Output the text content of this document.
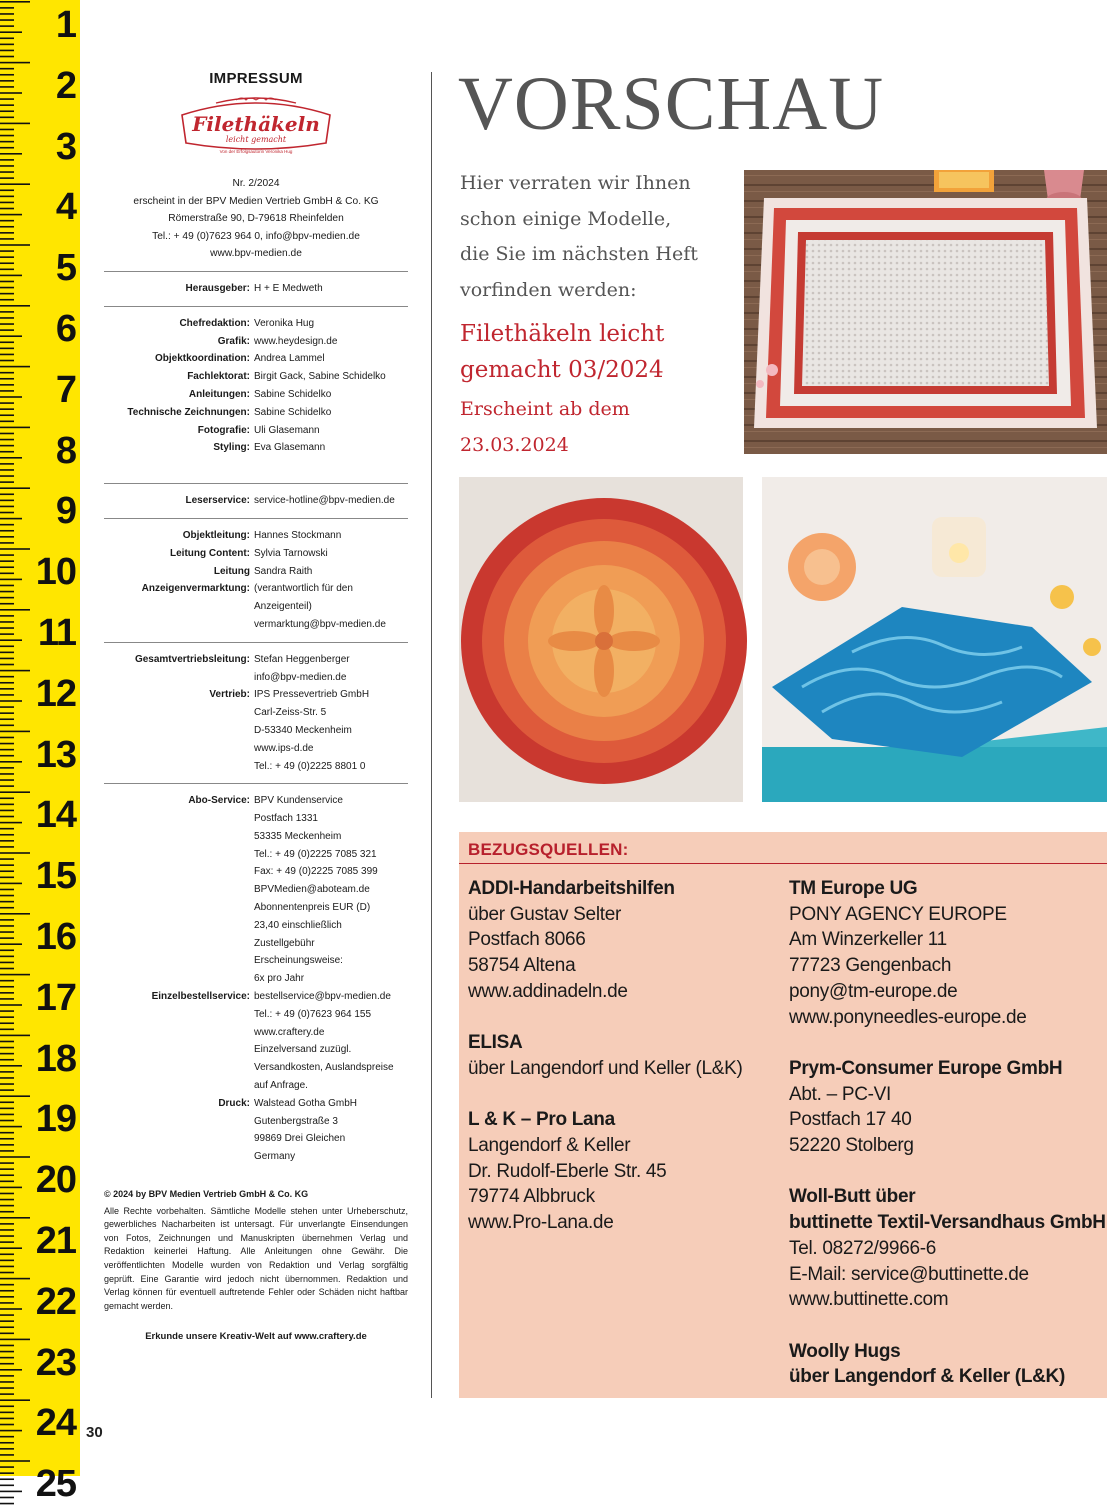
1
2
3
4
5
6
7
8
9
10
11
12
13
14
15
16
17
18
19
20
21
22
23
24
25
30
IMPRESSUM
Filethäkeln
leicht gemacht
Von der Erfolgsautorin Veronika Hug
Nr. 2/2024
erscheint in der BPV Medien Vertrieb GmbH & Co. KG
Römerstraße 90, D-79618 Rheinfelden
Tel.: + 49 (0)7623 964 0, info@bpv-medien.de
www.bpv-medien.de
Herausgeber: H + E Medweth
Chefredaktion: Veronika Hug
Grafik: www.heydesign.de
Objektkoordination: Andrea Lammel
Fachlektorat: Birgit Gack, Sabine Schidelko
Anleitungen: Sabine Schidelko
Technische Zeichnungen: Sabine Schidelko
Fotografie: Uli Glasemann
Styling: Eva Glasemann
Leserservice: service-hotline@bpv-medien.de
Objektleitung: Hannes Stockmann
Leitung Content: Sylvia Tarnowski
Leitung Anzeigenvermarktung:
Sandra Raith
(verantwortlich für den
Anzeigenteil)
vermarktung@bpv-medien.de
Gesamtvertriebsleitung: Stefan Heggenberger
info@bpv-medien.de
Vertrieb: IPS Pressevertrieb GmbH
Carl-Zeiss-Str. 5
D-53340 Meckenheim
www.ips-d.de
Tel.: + 49 (0)2225 8801 0
Abo-Service: BPV Kundenservice
Postfach 1331
53335 Meckenheim
Tel.: + 49 (0)2225 7085 321
Fax: + 49 (0)2225 7085 399
BPVMedien@aboteam.de
Abonnentenpreis EUR (D)
23,40 einschließlich
Zustellgebühr
Erscheinungsweise:
6x pro Jahr
Einzelbestellservice: bestellservice@bpv-medien.de
Tel.: + 49 (0)7623 964 155
www.craftery.de
Einzelversand zuzügl.
Versandkosten, Auslandspreise
auf Anfrage.
Druck: Walstead Gotha GmbH
Gutenbergstraße 3
99869 Drei Gleichen
Germany
© 2024 by BPV Medien Vertrieb GmbH & Co. KG

Alle Rechte vorbehalten. Sämtliche Modelle stehen unter Urheberschutz, gewerbliches Nacharbeiten ist untersagt. Für unverlangte Einsendungen von Fotos, Zeichnungen und Manuskripten übernehmen Verlag und Redaktion keinerlei Haftung. Alle Anleitungen ohne Gewähr. Die veröffentlichten Modelle wurden von Redaktion und Verlag sorgfältig geprüft. Eine Garantie wird jedoch nicht übernommen. Redaktion und Verlag können für eventuell auftretende Fehler oder Schäden nicht haftbar gemacht werden.

Erkunde unsere Kreativ-Welt auf www.craftery.de
VORSCHAU
Hier verraten wir Ihnen
schon einige Modelle,
die Sie im nächsten Heft
vorfinden werden:
Filethäkeln leicht
gemacht 03/2024
Erscheint ab dem
23.03.2024
BEZUGSQUELLEN:
ADDI-Handarbeitshilfen
über Gustav Selter
Postfach 8066
58754 Altena
www.addinadeln.de
ELISA
über Langendorf und Keller (L&K)
L & K – Pro Lana
Langendorf & Keller
Dr. Rudolf-Eberle Str. 45
79774 Albbruck
www.Pro-Lana.de
TM Europe UG
PONY AGENCY EUROPE
Am Winzerkeller 11
77723 Gengenbach
pony@tm-europe.de
www.ponyneedles-europe.de
Prym-Consumer Europe GmbH
Abt. – PC-VI
Postfach 17 40
52220 Stolberg
Woll-Butt über
buttinette Textil-Versandhaus GmbH
Tel. 08272/9966-6
E-Mail: service@buttinette.de
www.buttinette.com
Woolly Hugs
über Langendorf & Keller (L&K)
